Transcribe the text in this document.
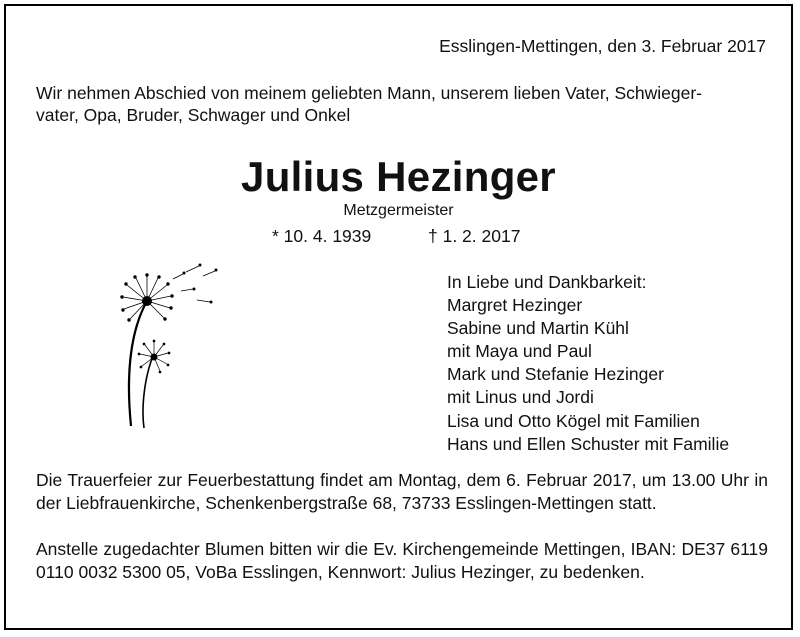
Esslingen-Mettingen, den 3. Februar 2017
Wir nehmen Abschied von meinem geliebten Mann, unserem lieben Vater, Schwieger-
vater, Opa, Bruder, Schwager und Onkel
Julius Hezinger
Metzgermeister
* 10. 4. 1939	† 1. 2. 2017
In Liebe und Dankbarkeit:
Margret Hezinger
Sabine und Martin Kühl
mit Maya und Paul
Mark und Stefanie Hezinger
mit Linus und Jordi
Lisa und Otto Kögel mit Familien
Hans und Ellen Schuster mit Familie
Die Trauerfeier zur Feuerbestattung findet am Montag, dem 6. Februar 2017, um 13.00 Uhr in der Liebfrauenkirche, Schenkenbergstraße 68, 73733 Esslingen-Mettingen statt.
Anstelle zugedachter Blumen bitten wir die Ev. Kirchengemeinde Mettingen, IBAN: DE37 6119 0110 0032 5300 05, VoBa Esslingen, Kennwort: Julius Hezinger, zu bedenken.
